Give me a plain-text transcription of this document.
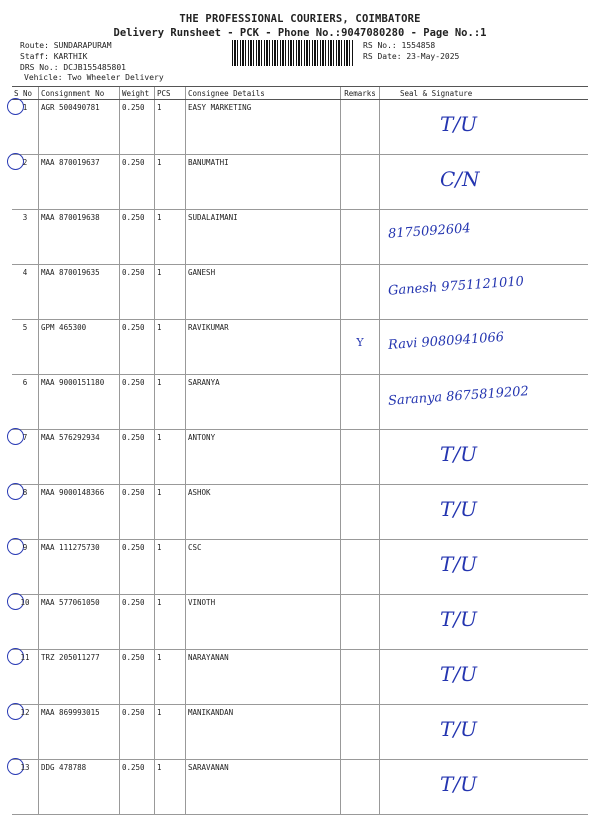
THE PROFESSIONAL COURIERS, COIMBATORE
Delivery Runsheet - PCK - Phone No.:9047080280 - Page No.:1
Route: SUNDARAPURAM
Staff: KARTHIK
DRS No.: DCJB155485801
Vehicle: Two Wheeler Delivery
RS No.: 1554858
RS Date: 23-May-2025
S No	Consignment No	Weight	PCS	Consignee Details	Remarks	Seal & Signature

1	AGR 500490781	0.250	1	EASY MARKETING		T/U

2	MAA 870019637	0.250	1	BANUMATHI		C/N

3	MAA 870019638	0.250	1	SUDALAIMANI		8175092604

4	MAA 870019635	0.250	1	GANESH		Ganesh 9751121010

5	GPM 465300	0.250	1	RAVIKUMAR	Y	Ravi 9080941066

6	MAA 9000151180	0.250	1	SARANYA		Saranya 8675819202

7	MAA 576292934	0.250	1	ANTONY		T/U

8	MAA 9000148366	0.250	1	ASHOK		T/U

9	MAA 111275730	0.250	1	CSC		T/U

10	MAA 577061050	0.250	1	VINOTH		T/U

11	TRZ 205011277	0.250	1	NARAYANAN		T/U

12	MAA 869993015	0.250	1	MANIKANDAN		T/U

13	DDG 478788	0.250	1	SARAVANAN		T/U
